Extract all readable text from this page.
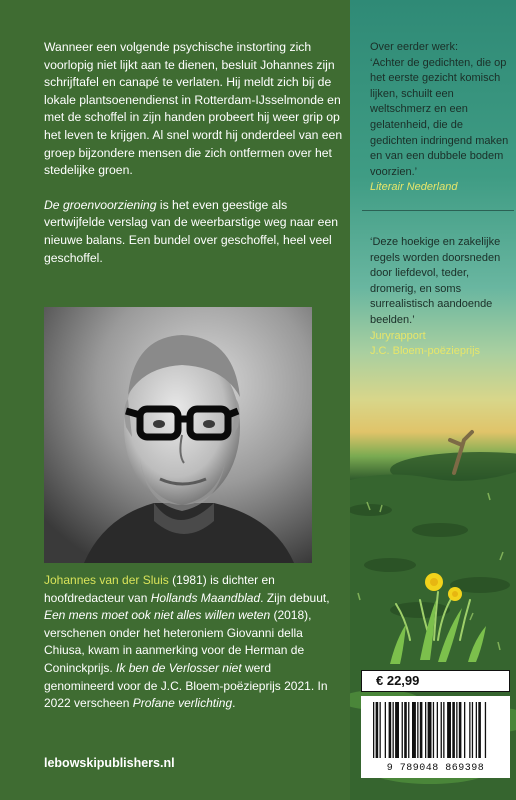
Wanneer een volgende psychische instorting zich voorlopig niet lijkt aan te dienen, besluit Johannes zijn schrijftafel en canapé te verlaten. Hij meldt zich bij de lokale plantsoenendienst in Rotterdam-IJsselmonde en met de schoffel in zijn handen probeert hij weer grip op het leven te krijgen. Al snel wordt hij onderdeel van een groep bijzondere mensen die zich ontfermen over het stedelijke groen.

De groenvoorziening is het even geestige als vertwijfelde verslag van de weerbarstige weg naar een nieuwe balans. Een bundel over geschoffel, heel veel geschoffel.

Johannes van der Sluis (1981) is dichter en hoofdredacteur van Hollands Maandblad. Zijn debuut, Een mens moet ook niet alles willen weten (2018), verschenen onder het heteroniem Giovanni della Chiusa, kwam in aanmerking voor de Herman de Coninckprijs. Ik ben de Verlosser niet werd genomineerd voor de J.C. Bloem-poëzieprijs 2021. In 2022 verscheen Profane verlichting.
lebowskipublishers.nl

Over eerder werk:

‘Achter de gedichten, die op het eerste gezicht komisch lijken, schuilt een weltschmerz en een gelatenheid, die de gedichten indringend maken en van een dubbele bodem voorzien.’

Literair Nederland

‘Deze hoekige en zakelijke regels worden doorsneden door liefdevol, teder, dromerig, en soms surrealistisch aandoende beelden.’

Juryrapport

J.C. Bloem-poëzieprijs

€ 22,99
9 789048 869398
